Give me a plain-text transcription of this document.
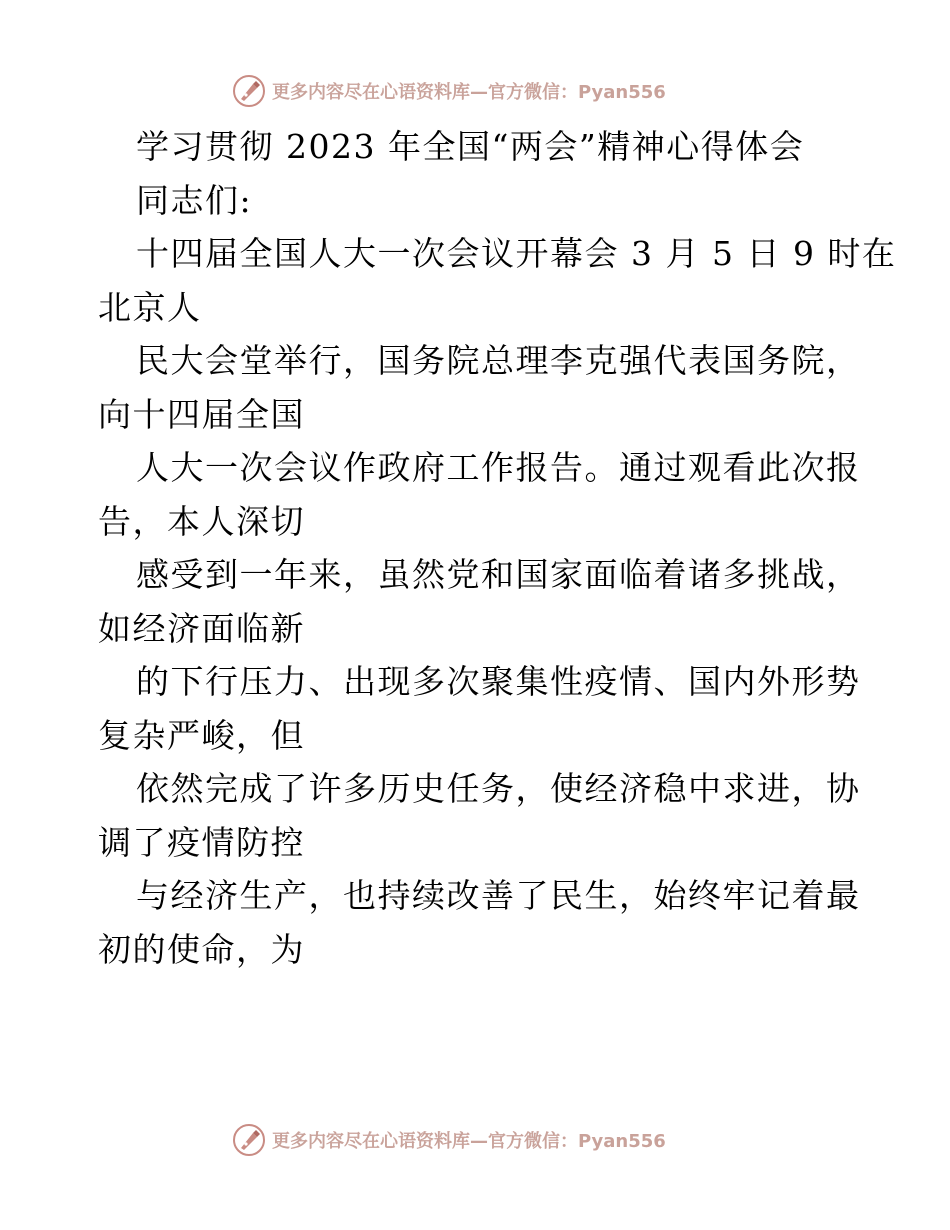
更多内容尽在心语资料库—官方微信：Pyan556
学习贯彻 2023 年全国“两会”精神心得体会
同志们:
十四届全国人大一次会议开幕会 3 月 5 日 9 时在
北京人
民大会堂举行，国务院总理李克强代表国务院，
向十四届全国
人大一次会议作政府工作报告。通过观看此次报
告，本人深切
感受到一年来，虽然党和国家面临着诸多挑战，
如经济面临新
的下行压力、出现多次聚集性疫情、国内外形势
复杂严峻，但
依然完成了许多历史任务，使经济稳中求进，协
调了疫情防控
与经济生产，也持续改善了民生，始终牢记着最
初的使命，为
更多内容尽在心语资料库—官方微信：Pyan556
